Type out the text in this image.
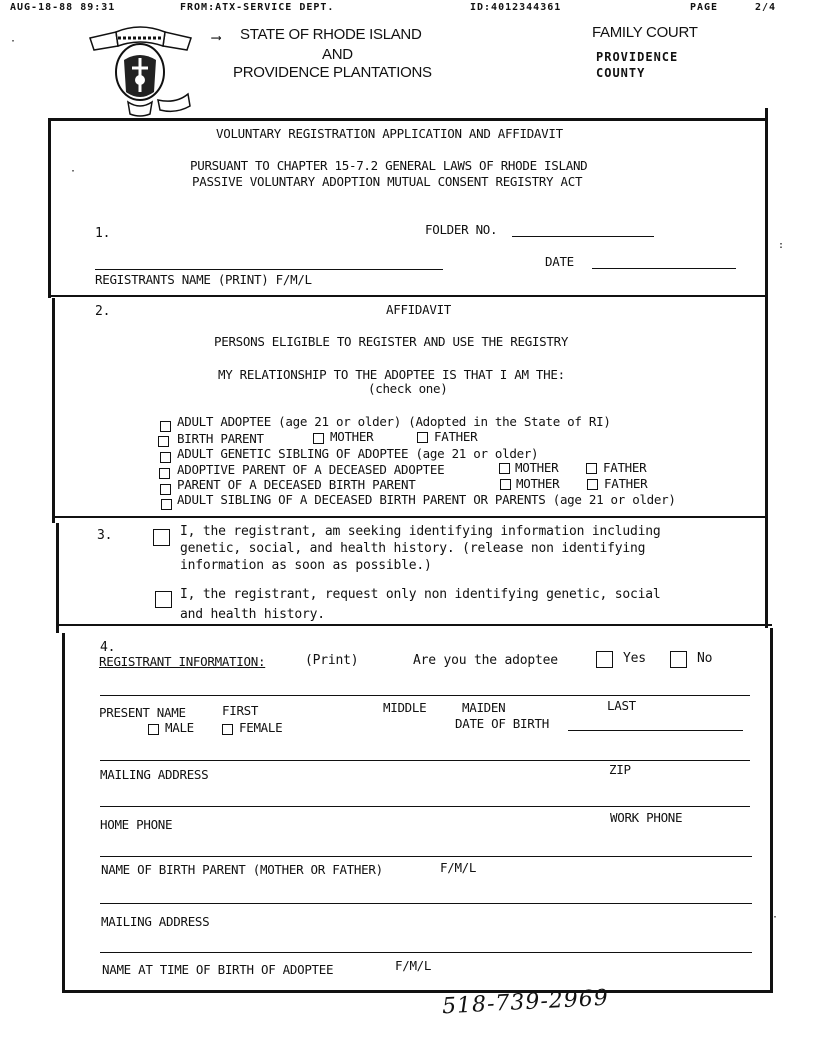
AUG-18-88 89:31	FROM:ATX-SERVICE DEPT.	ID:4012344361	PAGE	2/4
⟶ STATE OF RHODE ISLAND
AND
PROVIDENCE PLANTATIONS
FAMILY COURT
PROVIDENCE
COUNTY
VOLUNTARY REGISTRATION APPLICATION AND AFFIDAVIT
PURSUANT TO CHAPTER 15-7.2 GENERAL LAWS OF RHODE ISLAND
PASSIVE VOLUNTARY ADOPTION MUTUAL CONSENT REGISTRY ACT
1.	FOLDER NO.
DATE
REGISTRANTS NAME (PRINT) F/M/L
2.	AFFIDAVIT
PERSONS ELIGIBLE TO REGISTER AND USE THE REGISTRY
MY RELATIONSHIP TO THE ADOPTEE IS THAT I AM THE:
(check one)
ADULT ADOPTEE (age 21 or older) (Adopted in the State of RI)
BIRTH PARENT	MOTHER	FATHER
ADULT GENETIC SIBLING OF ADOPTEE (age 21 or older)
ADOPTIVE PARENT OF A DECEASED ADOPTEE	MOTHER	FATHER
PARENT OF A DECEASED BIRTH PARENT	MOTHER	FATHER
ADULT SIBLING OF A DECEASED BIRTH PARENT OR PARENTS (age 21 or older)
3.	I, the registrant, am seeking identifying information including
genetic, social, and health history. (release non identifying
information as soon as possible.)
I, the registrant, request only non identifying genetic, social
and health history.
4.
REGISTRANT INFORMATION:	(Print)	Are you the adoptee	Yes	No
PRESENT NAME	FIRST	MIDDLE	MAIDEN	LAST
MALE	FEMALE	DATE OF BIRTH
MAILING ADDRESS	ZIP
HOME PHONE	WORK PHONE
NAME OF BIRTH PARENT (MOTHER OR FATHER)	F/M/L
MAILING ADDRESS
NAME AT TIME OF BIRTH OF ADOPTEE	F/M/L
518-739-2969
·
·
:
·
